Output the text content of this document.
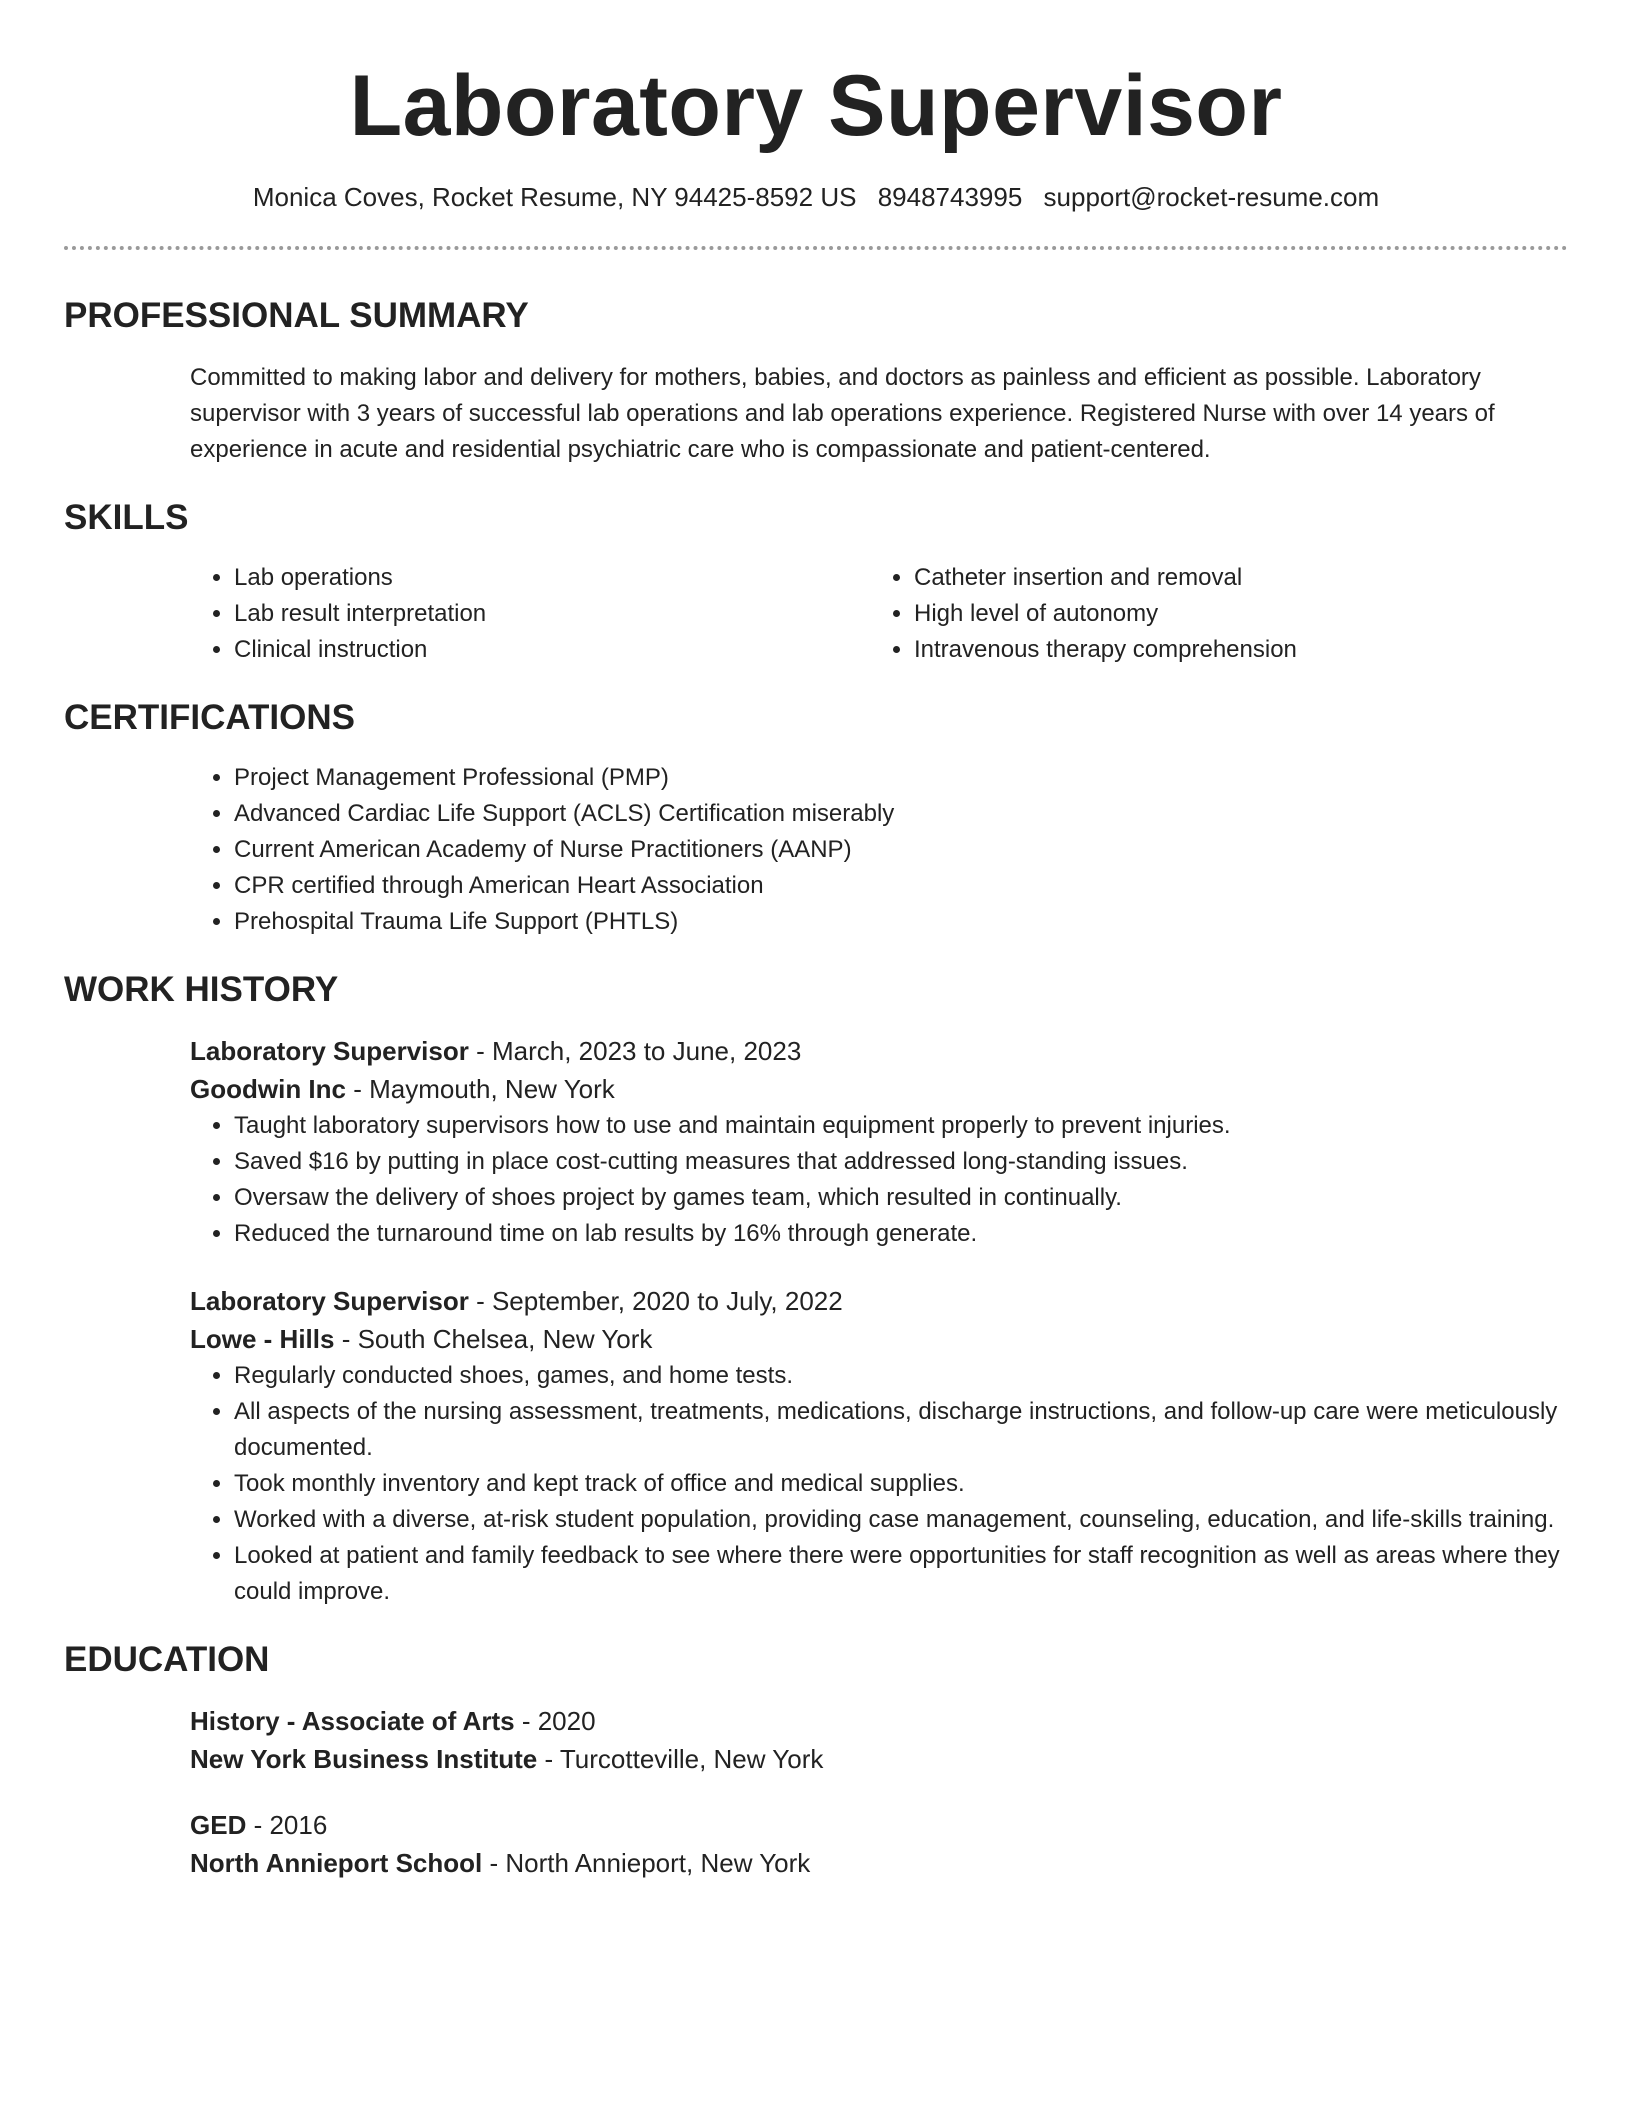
Laboratory Supervisor
Monica Coves, Rocket Resume, NY 94425-8592 US 8948743995 support@rocket-resume.com
PROFESSIONAL SUMMARY
Committed to making labor and delivery for mothers, babies, and doctors as painless and efficient as possible. Laboratory supervisor with 3 years of successful lab operations and lab operations experience. Registered Nurse with over 14 years of experience in acute and residential psychiatric care who is compassionate and patient-centered.
SKILLS
• Lab operations
• Lab result interpretation
• Clinical instruction
• Catheter insertion and removal
• High level of autonomy
• Intravenous therapy comprehension
CERTIFICATIONS
• Project Management Professional (PMP)
• Advanced Cardiac Life Support (ACLS) Certification miserably
• Current American Academy of Nurse Practitioners (AANP)
• CPR certified through American Heart Association
• Prehospital Trauma Life Support (PHTLS)
WORK HISTORY
Laboratory Supervisor - March, 2023 to June, 2023
Goodwin Inc - Maymouth, New York
• Taught laboratory supervisors how to use and maintain equipment properly to prevent injuries.
• Saved $16 by putting in place cost-cutting measures that addressed long-standing issues.
• Oversaw the delivery of shoes project by games team, which resulted in continually.
• Reduced the turnaround time on lab results by 16% through generate.
Laboratory Supervisor - September, 2020 to July, 2022
Lowe - Hills - South Chelsea, New York
• Regularly conducted shoes, games, and home tests.
• All aspects of the nursing assessment, treatments, medications, discharge instructions, and follow-up care were meticulously documented.
• Took monthly inventory and kept track of office and medical supplies.
• Worked with a diverse, at-risk student population, providing case management, counseling, education, and life-skills training.
• Looked at patient and family feedback to see where there were opportunities for staff recognition as well as areas where they could improve.
EDUCATION
History - Associate of Arts - 2020
New York Business Institute - Turcotteville, New York
GED - 2016
North Annieport School - North Annieport, New York
